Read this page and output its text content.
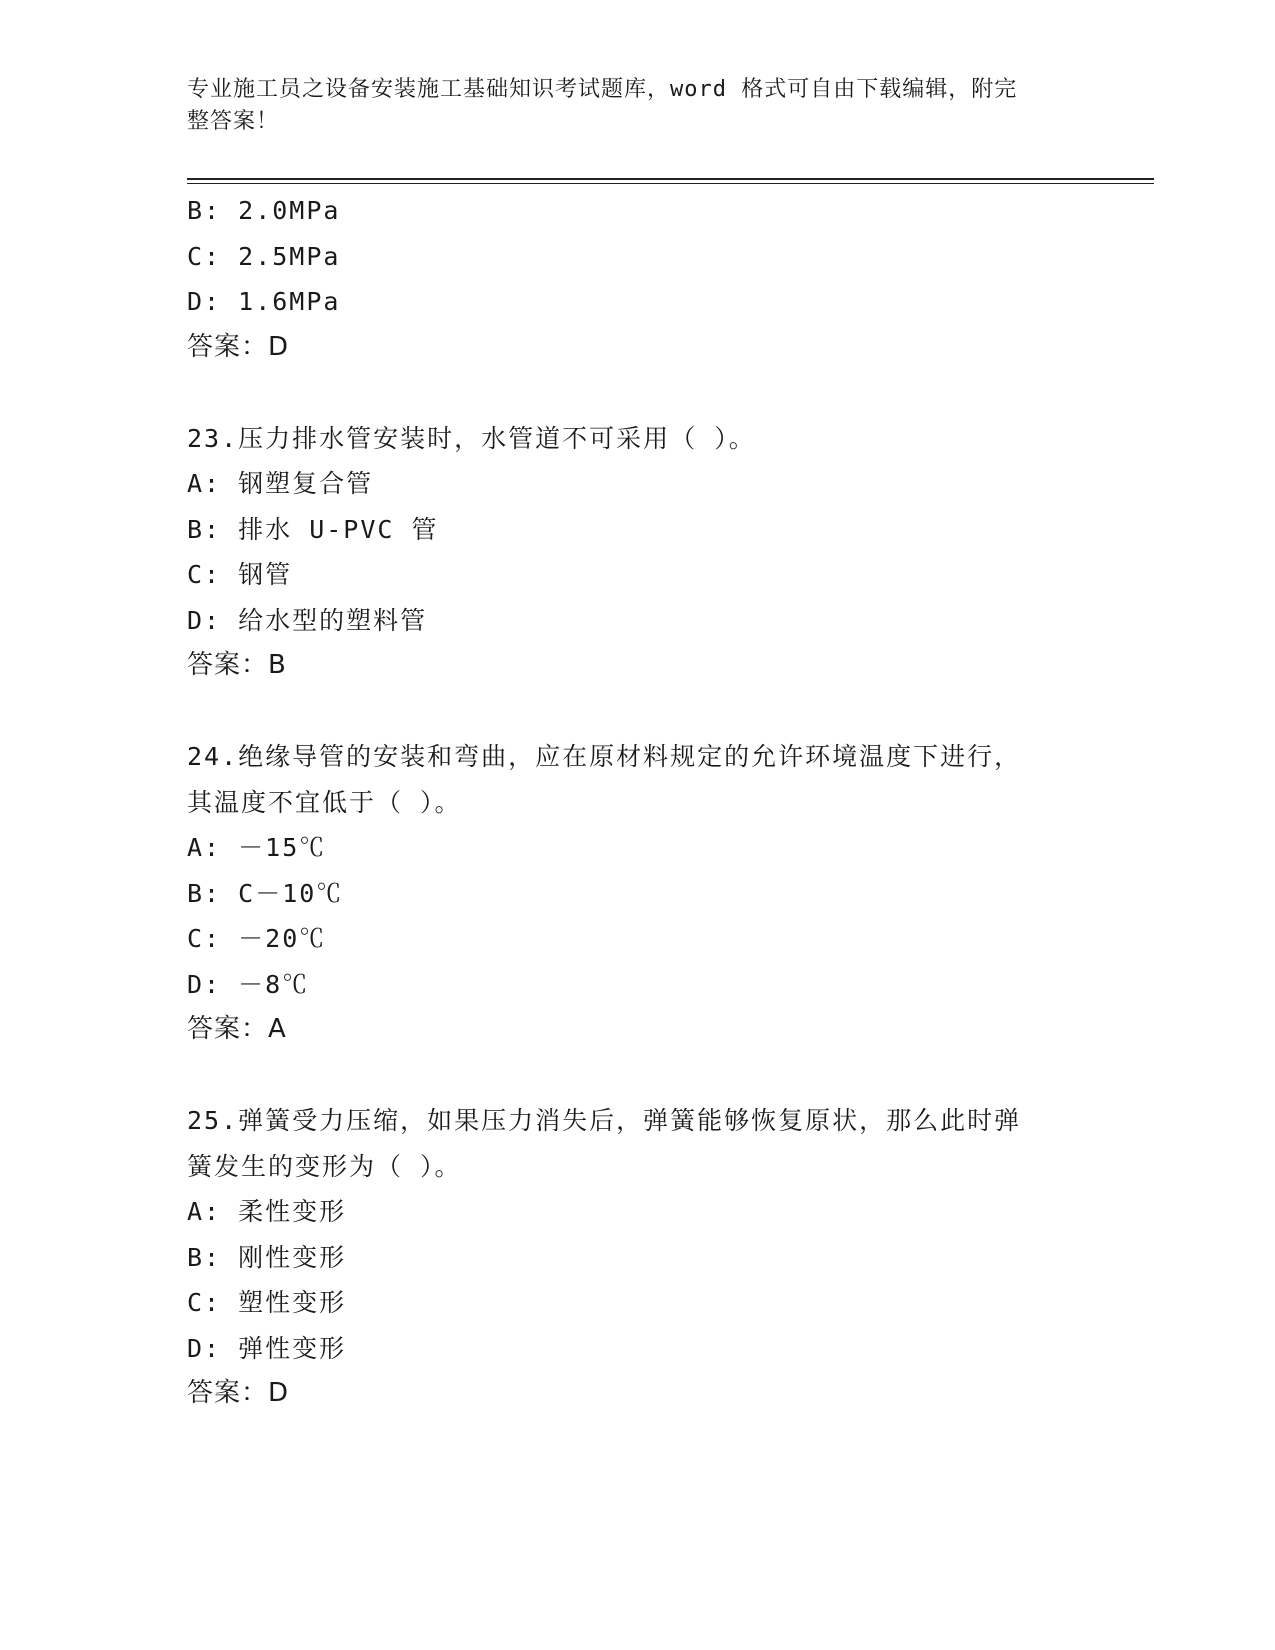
专业施工员之设备安装施工基础知识考试题库，word 格式可自由下载编辑，附完
整答案！
B: 2.0MPa
C: 2.5MPa
D: 1.6MPa
答案：D
23.压力排水管安装时，水管道不可采用（ ）。
A: 钢塑复合管
B: 排水 U-PVC 管
C: 钢管
D: 给水型的塑料管
答案：B
24.绝缘导管的安装和弯曲，应在原材料规定的允许环境温度下进行，
其温度不宜低于（ ）。
A: －15℃
B: C－10℃
C: －20℃
D: －8℃
答案：A
25.弹簧受力压缩，如果压力消失后，弹簧能够恢复原状，那么此时弹
簧发生的变形为（ ）。
A: 柔性变形
B: 刚性变形
C: 塑性变形
D: 弹性变形
答案：D
